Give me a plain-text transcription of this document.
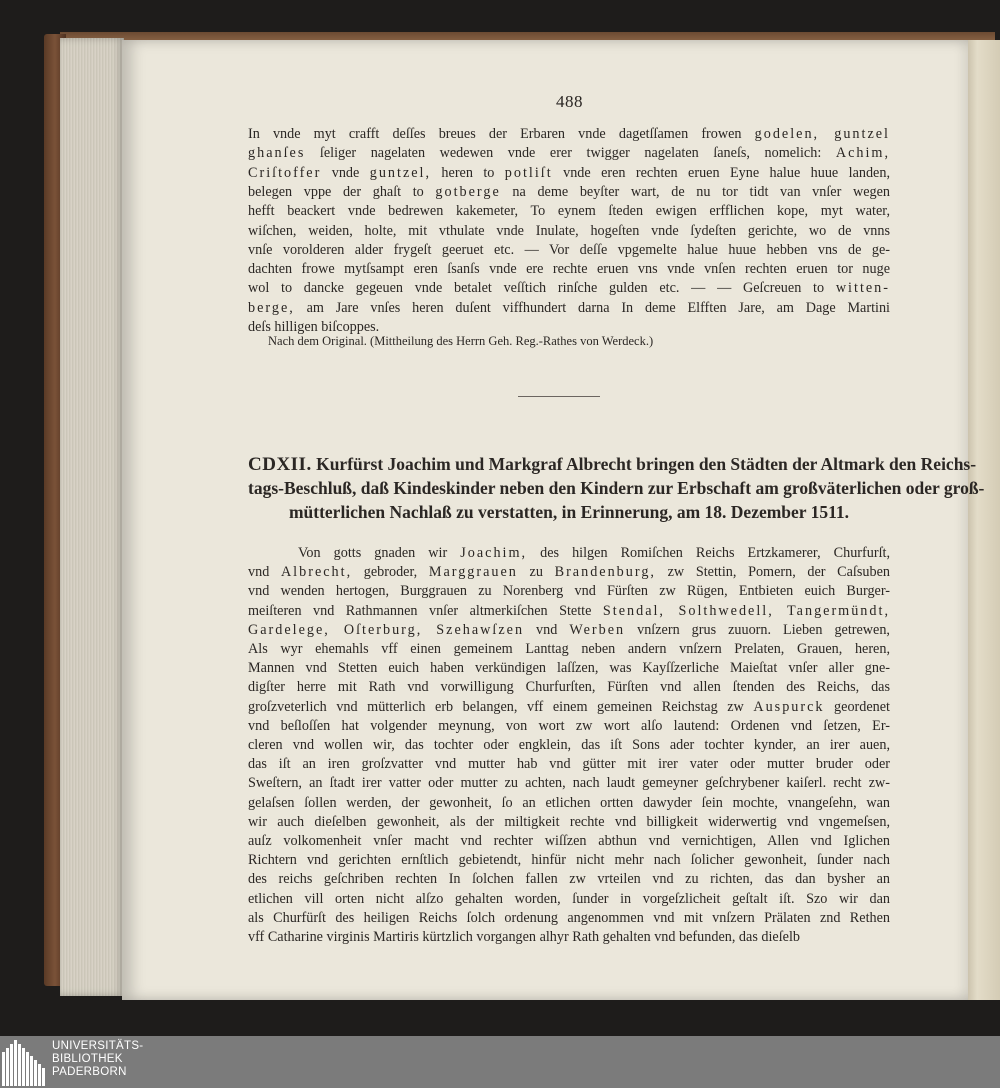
488
In vnde myt crafft deſſes breues der Erbaren vnde dagetſſamen frowen godelen, guntzel
ghanſes ſeliger nagelaten wedewen vnde erer twigger nagelaten ſaneſs, nomelich: Achim,
Criſtoffer vnde guntzel, heren to potliſt vnde eren rechten eruen Eyne halue huue landen,
belegen vppe der ghaſt to gotberge na deme beyſter wart, de nu tor tidt van vnſer wegen
hefft beackert vnde bedrewen kakemeter, To eynem ſteden ewigen erfflichen kope, myt water,
wiſchen, weiden, holte, mit vthulate vnde Inulate, hogeſten vnde ſydeſten gerichte, wo de vnns
vnſe vorolderen alder frygeſt geeruet etc. — Vor deſſe vpgemelte halue huue hebben vns de ge-
dachten frowe mytſsampt eren ſsanſs vnde ere rechte eruen vns vnde vnſen rechten eruen tor nuge
wol to dancke gegeuen vnde betalet veſſtich rinſche gulden etc. — — Geſcreuen to witten-
berge, am Jare vnſes heren duſent viffhundert darna In deme Elfften Jare, am Dage Martini
deſs hilligen biſcoppes.
Nach dem Original. (Mittheilung des Herrn Geh. Reg.-Rathes von Werdeck.)
CDXII. Kurfürst Joachim und Markgraf Albrecht bringen den Städten der Altmark den Reichs-
tags-Beschluß, daß Kindeskinder neben den Kindern zur Erbschaft am großväterlichen oder groß-
mütterlichen Nachlaß zu verstatten, in Erinnerung, am 18. Dezember 1511.
Von gotts gnaden wir Joachim, des hilgen Romiſchen Reichs Ertzkamerer, Churfurſt,
vnd Albrecht, gebroder, Marggrauen zu Brandenburg, zw Stettin, Pomern, der Caſsuben
vnd wenden hertogen, Burggrauen zu Norenberg vnd Fürſten zw Rügen, Entbieten euich Burger-
meiſteren vnd Rathmannen vnſer altmerkiſchen Stette Stendal, Solthwedell, Tangermündt,
Gardelege, Oſterburg, Szehawſzen vnd Werben vnſzern grus zuuorn. Lieben getrewen,
Als wyr ehemahls vff einen gemeinem Lanttag neben andern vnſzern Prelaten, Grauen, heren,
Mannen vnd Stetten euich haben verkündigen laſſzen, was Kayſſzerliche Maieſtat vnſer aller gne-
digſter herre mit Rath vnd vorwilligung Churfurſten, Fürſten vnd allen ſtenden des Reichs, das
groſzveterlich vnd mütterlich erb belangen, vff einem gemeinen Reichstag zw Auspurck geordenet
vnd beſloſſen hat volgender meynung, von wort zw wort alſo lautend: Ordenen vnd ſetzen, Er-
cleren vnd wollen wir, das tochter oder engklein, das iſt Sons ader tochter kynder, an irer auen,
das iſt an iren groſzvatter vnd mutter hab vnd gütter mit irer vater oder mutter bruder oder
Sweſtern, an ſtadt irer vatter oder mutter zu achten, nach laudt gemeyner geſchrybener kaiſerl. recht zw-
gelaſsen ſollen werden, der gewonheit, ſo an etlichen ortten dawyder ſein mochte, vnangeſehn, wan
wir auch dieſelben gewonheit, als der miltigkeit rechte vnd billigkeit widerwertig vnd vngemeſsen,
auſz volkomenheit vnſer macht vnd rechter wiſſzen abthun vnd vernichtigen, Allen vnd Iglichen
Richtern vnd gerichten ernſtlich gebietendt, hinfür nicht mehr nach ſolicher gewonheit, ſunder nach
des reichs geſchriben rechten In ſolchen fallen zw vrteilen vnd zu richten, das dan bysher an
etlichen vill orten nicht alſzo gehalten worden, ſunder in vorgeſzlicheit geſtalt iſt. Szo wir dan
als Churfürſt des heiligen Reichs ſolch ordenung angenommen vnd mit vnſzern Prälaten znd Rethen
vff Catharine virginis Martiris kürtzlich vorgangen alhyr Rath gehalten vnd befunden, das dieſelb
UNIVERSITÄTS-
BIBLIOTHEK
PADERBORN
